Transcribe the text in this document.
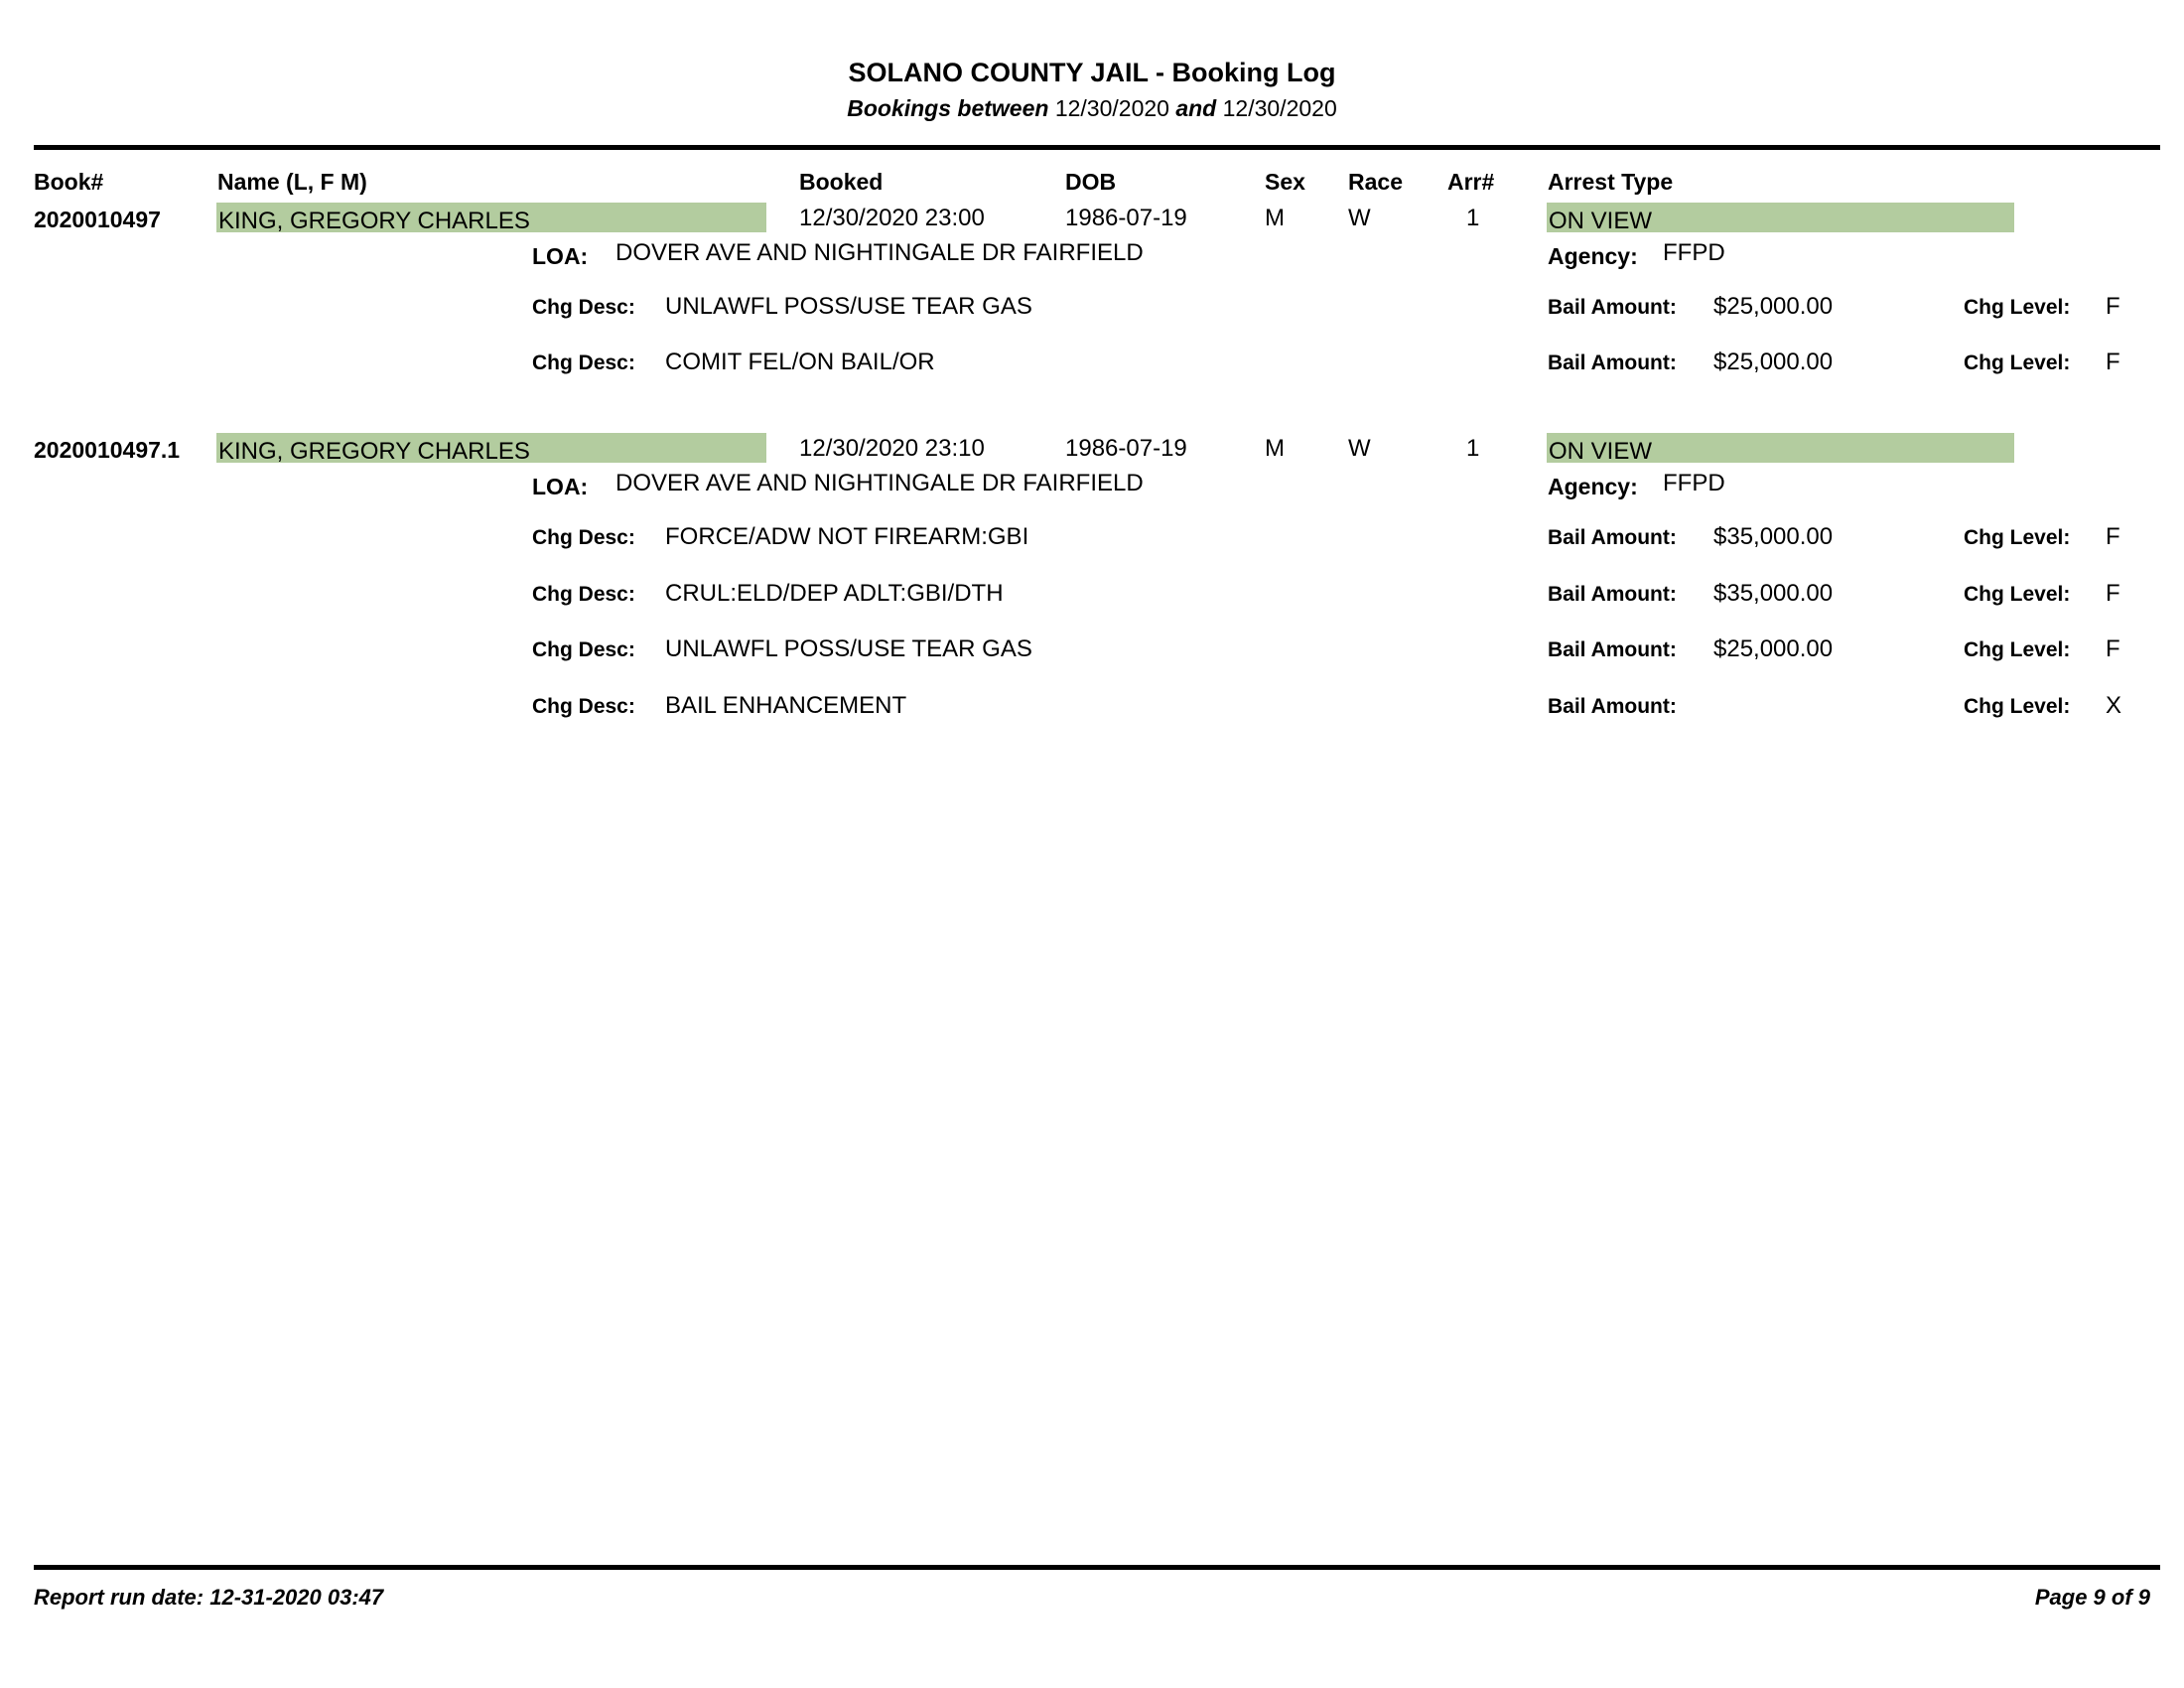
SOLANO COUNTY JAIL - Booking Log
Bookings between 12/30/2020 and 12/30/2020
Book#	Name (L, F M)	Booked	DOB	Sex Race Arr# Arrest Type
2020010497 KING, GREGORY CHARLES	12/30/2020 23:00	1986-07-19	M	W	1	ON VIEW
LOA: DOVER AVE AND NIGHTINGALE DR FAIRFIELD	Agency: FFPD
Chg Desc: UNLAWFL POSS/USE TEAR GAS	Bail Amount: $25,000.00	Chg Level: F
Chg Desc: COMIT FEL/ON BAIL/OR	Bail Amount: $25,000.00	Chg Level: F
2020010497.1 KING, GREGORY CHARLES	12/30/2020 23:10	1986-07-19	M	W	1	ON VIEW
LOA: DOVER AVE AND NIGHTINGALE DR FAIRFIELD	Agency: FFPD
Chg Desc: FORCE/ADW NOT FIREARM:GBI	Bail Amount: $35,000.00	Chg Level: F
Chg Desc: CRUL:ELD/DEP ADLT:GBI/DTH	Bail Amount: $35,000.00	Chg Level: F
Chg Desc: UNLAWFL POSS/USE TEAR GAS	Bail Amount: $25,000.00	Chg Level: F
Chg Desc: BAIL ENHANCEMENT	Bail Amount:	Chg Level: X
Report run date: 12-31-2020 03:47	Page 9 of 9
